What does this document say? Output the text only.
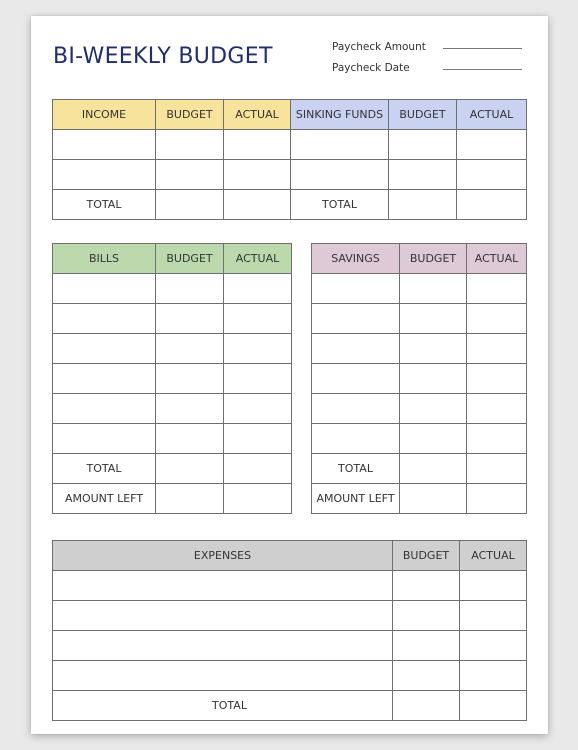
BI-WEEKLY BUDGET	Paycheck Amount
Paycheck Date
INCOME	BUDGET	ACTUAL	SINKING FUNDS	BUDGET	ACTUAL

TOTAL			TOTAL		
BILLS	BUDGET	ACTUAL

TOTAL		
AMOUNT LEFT		
SAVINGS	BUDGET	ACTUAL

TOTAL		
AMOUNT LEFT		
EXPENSES	BUDGET	ACTUAL

TOTAL		
